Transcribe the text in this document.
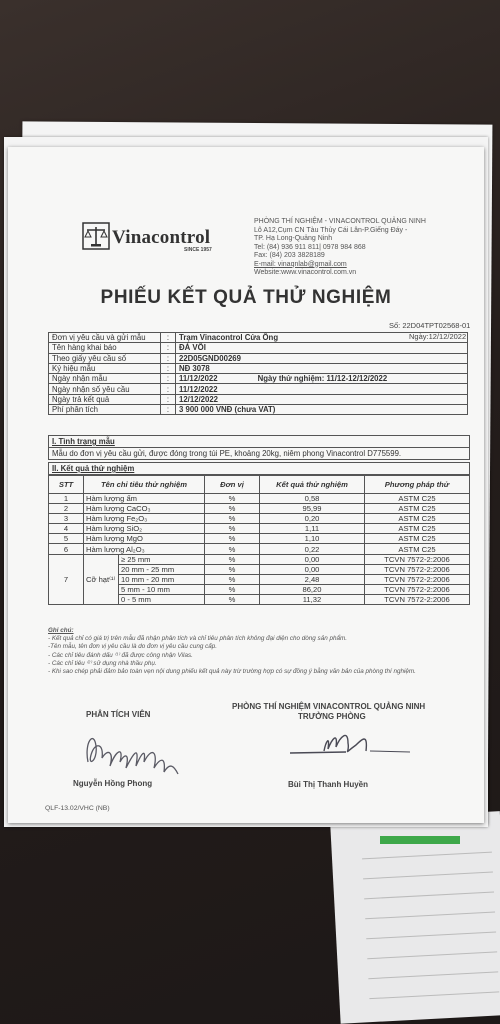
Vinacontrol
SINCE 1957
PHÒNG THÍ NGHIỆM - VINACONTROL QUẢNG NINH
Lô A12,Cụm CN Tàu Thủy Cái Lân-P.Giếng Đáy -
TP. Hạ Long-Quảng Ninh
Tel: (84) 936 911 811| 0978 984 868
Fax: (84) 203 3828189
E-mail: vinaqnlab@gmail.com
Website:www.vinacontrol.com.vn
PHIẾU KẾT QUẢ THỬ NGHIỆM
Số: 22D04TPT02568-01
Ngày:12/12/2022
Đơn vị yêu cầu và gửi mẫu	:	Trạm Vinacontrol Cửa Ông
Tên hàng khai báo	:	ĐÁ VÔI
Theo giấy yêu cầu số	:	22D05GND00269
Ký hiệu mẫu	:	NĐ 3078
Ngày nhận mẫu	:	11/12/2022 Ngày thử nghiệm: 11/12-12/12/2022
Ngày nhận số yêu cầu	:	11/12/2022
Ngày trả kết quả	:	12/12/2022
Phí phân tích	:	3 900 000 VNĐ (chưa VAT)
I. Tình trạng mẫu
Mẫu do đơn vị yêu cầu gửi, được đóng trong túi PE, khoảng 20kg, niêm phong Vinacontrol D775599.
II. Kết quả thử nghiệm
STT	Tên chỉ tiêu thử nghiệm		Đơn vị	Kết quả thử nghiệm	Phương pháp thử
1	Hàm lượng ẩm		%	0,58	ASTM C25
2	Hàm lượng CaCO₃		%	95,99	ASTM C25
3	Hàm lượng Fe₂O₃		%	0,20	ASTM C25
4	Hàm lượng SiO₂		%	1,11	ASTM C25
5	Hàm lượng MgO		%	1,10	ASTM C25
6	Hàm lượng Al₂O₃		%	0,22	ASTM C25
7	Cỡ hạt⁽¹⁾	≥ 25 mm	%	0,00	TCVN 7572-2:2006
		20 mm - 25 mm	%	0,00	TCVN 7572-2:2006
		10 mm - 20 mm	%	2,48	TCVN 7572-2:2006
		5 mm - 10 mm	%	86,20	TCVN 7572-2:2006
		0 - 5 mm	%	11,32	TCVN 7572-2:2006
Ghi chú:
- Kết quả chỉ có giá trị trên mẫu đã nhận phân tích và chỉ tiêu phân tích không đại diện cho dòng sản phẩm.
-Tên mẫu, tên đơn vị yêu cầu là do đơn vị yêu cầu cung cấp.
- Các chỉ tiêu đánh dấu ⁽¹⁾ đã được công nhận Vilas.
- Các chỉ tiêu ⁽²⁾ sử dụng nhà thầu phụ.
- Khi sao chép phải đảm bảo toàn vẹn nội dung phiếu kết quả này trừ trường hợp có sự đồng ý bằng văn bản của phòng thí nghiệm.
PHÂN TÍCH VIÊN
Nguyễn Hồng Phong
PHÒNG THÍ NGHIỆM VINACONTROL QUẢNG NINH
TRƯỞNG PHÒNG
Bùi Thị Thanh Huyền
QLF-13.02/VHC (NB)
